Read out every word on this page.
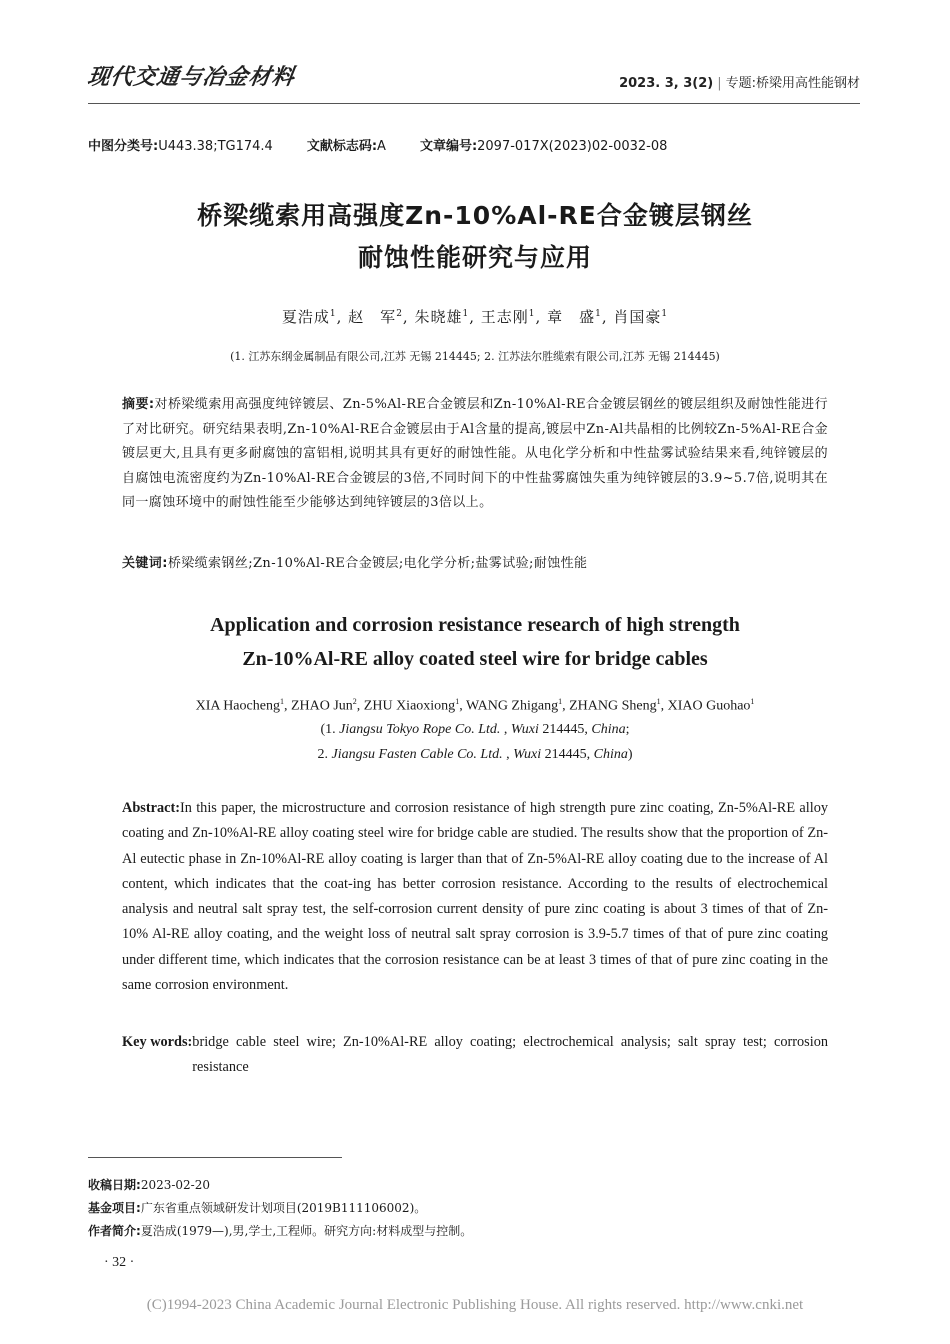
现代交通与冶金材料	2023. 3, 3(2) | 专题:桥梁用高性能钢材
中图分类号:U443.38;TG174.4	文献标志码:A	文章编号:2097-017X(2023)02-0032-08
桥梁缆索用高强度Zn-10%Al-RE合金镀层钢丝
耐蚀性能研究与应用
夏浩成$^1$, 赵　军$^2$, 朱晓雄$^1$, 王志刚$^1$, 章　盛$^1$, 肖国豪$^1$
(1. 江苏东纲金属制品有限公司,江苏 无锡 214445; 2. 江苏法尔胜缆索有限公司,江苏 无锡 214445)
摘要:对桥梁缆索用高强度纯锌镀层、Zn-5%Al-RE合金镀层和Zn-10%Al-RE合金镀层钢丝的镀层组织及耐蚀性能进行了对比研究。研究结果表明,Zn-10%Al-RE合金镀层由于Al含量的提高,镀层中Zn-Al共晶相的比例较Zn-5%Al-RE合金镀层更大,且具有更多耐腐蚀的富铝相,说明其具有更好的耐蚀性能。从电化学分析和中性盐雾试验结果来看,纯锌镀层的自腐蚀电流密度约为Zn-10%Al-RE合金镀层的3倍,不同时间下的中性盐雾腐蚀失重为纯锌镀层的3.9~5.7倍,说明其在同一腐蚀环境中的耐蚀性能至少能够达到纯锌镀层的3倍以上。
关键词:桥梁缆索钢丝;Zn-10%Al-RE合金镀层;电化学分析;盐雾试验;耐蚀性能
Application and corrosion resistance research of high strength
Zn-10%Al-RE alloy coated steel wire for bridge cables
XIA Haocheng$^1$, ZHAO Jun$^2$, ZHU Xiaoxiong$^1$, WANG Zhigang$^1$, ZHANG Sheng$^1$, XIAO Guohao$^1$
(1. Jiangsu Tokyo Rope Co. Ltd. , Wuxi 214445, China;
2. Jiangsu Fasten Cable Co. Ltd. , Wuxi 214445, China)
Abstract:In this paper, the microstructure and corrosion resistance of high strength pure zinc coating, Zn-5%Al-RE alloy coating and Zn-10%Al-RE alloy coating steel wire for bridge cable are studied. The results show that the proportion of Zn-Al eutectic phase in Zn-10%Al-RE alloy coating is larger than that of Zn-5%Al-RE alloy coating due to the increase of Al content, which indicates that the coat-ing has better corrosion resistance. According to the results of electrochemical analysis and neutral salt spray test, the self-corrosion current density of pure zinc coating is about 3 times of that of Zn-10% Al-RE alloy coating, and the weight loss of neutral salt spray corrosion is 3.9-5.7 times of that of pure zinc coating under different time, which indicates that the corrosion resistance can be at least 3 times of that of pure zinc coating in the same corrosion environment.
Key words: bridge cable steel wire; Zn-10%Al-RE alloy coating; electrochemical analysis; salt spray test; corrosion resistance
收稿日期:2023-02-20
基金项目:广东省重点领域研发计划项目(2019B111106002)。
作者简介:夏浩成(1979—),男,学士,工程师。研究方向:材料成型与控制。
· 32 ·
(C)1994-2023 China Academic Journal Electronic Publishing House. All rights reserved. http://www.cnki.net
